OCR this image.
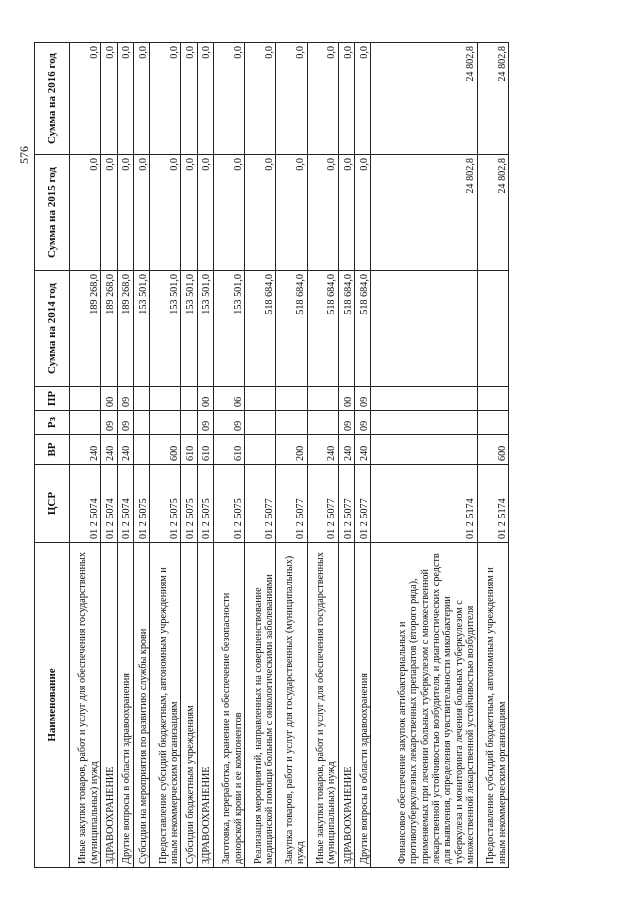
576
Наименование	ЦСР	ВР	Рз	ПР	Сумма на 2014 год	Сумма на 2015 год	Сумма на 2016 год
Иные закупки товаров, работ и услуг для обеспечения государственных (муниципальных) нужд	01 2 5074	240			189 268,0	0,0	0,0
ЗДРАВООХРАНЕНИЕ	01 2 5074	240	09	00	189 268,0	0,0	0,0
Другие вопросы в области здравоохранения	01 2 5074	240	09	09	189 268,0	0,0	0,0
Субсидии на мероприятия по развитию службы крови	01 2 5075				153 501,0	0,0	0,0
Предоставление субсидий бюджетным, автономным учреждениям и иным некоммерческим организациям	01 2 5075	600			153 501,0	0,0	0,0
Субсидии бюджетным учреждениям	01 2 5075	610			153 501,0	0,0	0,0
ЗДРАВООХРАНЕНИЕ	01 2 5075	610	09	00	153 501,0	0,0	0,0
Заготовка, переработка, хранение и обеспечение безопасности донорской крови и ее компонентов	01 2 5075	610	09	06	153 501,0	0,0	0,0
Реализация мероприятий, направленных на совершенствование медицинской помощи больным с онкологическими заболеваниями	01 2 5077				518 684,0	0,0	0,0
Закупка товаров, работ и услуг для государственных (муниципальных) нужд	01 2 5077	200			518 684,0	0,0	0,0
Иные закупки товаров, работ и услуг для обеспечения государственных (муниципальных) нужд	01 2 5077	240			518 684,0	0,0	0,0
ЗДРАВООХРАНЕНИЕ	01 2 5077	240	09	00	518 684,0	0,0	0,0
Другие вопросы в области здравоохранения	01 2 5077	240	09	09	518 684,0	0,0	0,0
Финансовое обеспечение закупок антибактериальных и противотуберкулезных лекарственных препаратов (второго ряда), применяемых при лечении больных туберкулезом с множественной лекарственной устойчивостью возбудителя, и диагностических средств для выявления, определения чувствительности микобактерии туберкулеза и мониторинга лечения больных туберкулезом с множественной лекарственной устойчивостью возбудителя	01 2 5174					24 802,8	24 802,8
Предоставление субсидий бюджетным, автономным учреждениям и иным некоммерческим организациям	01 2 5174	600				24 802,8	24 802,8
